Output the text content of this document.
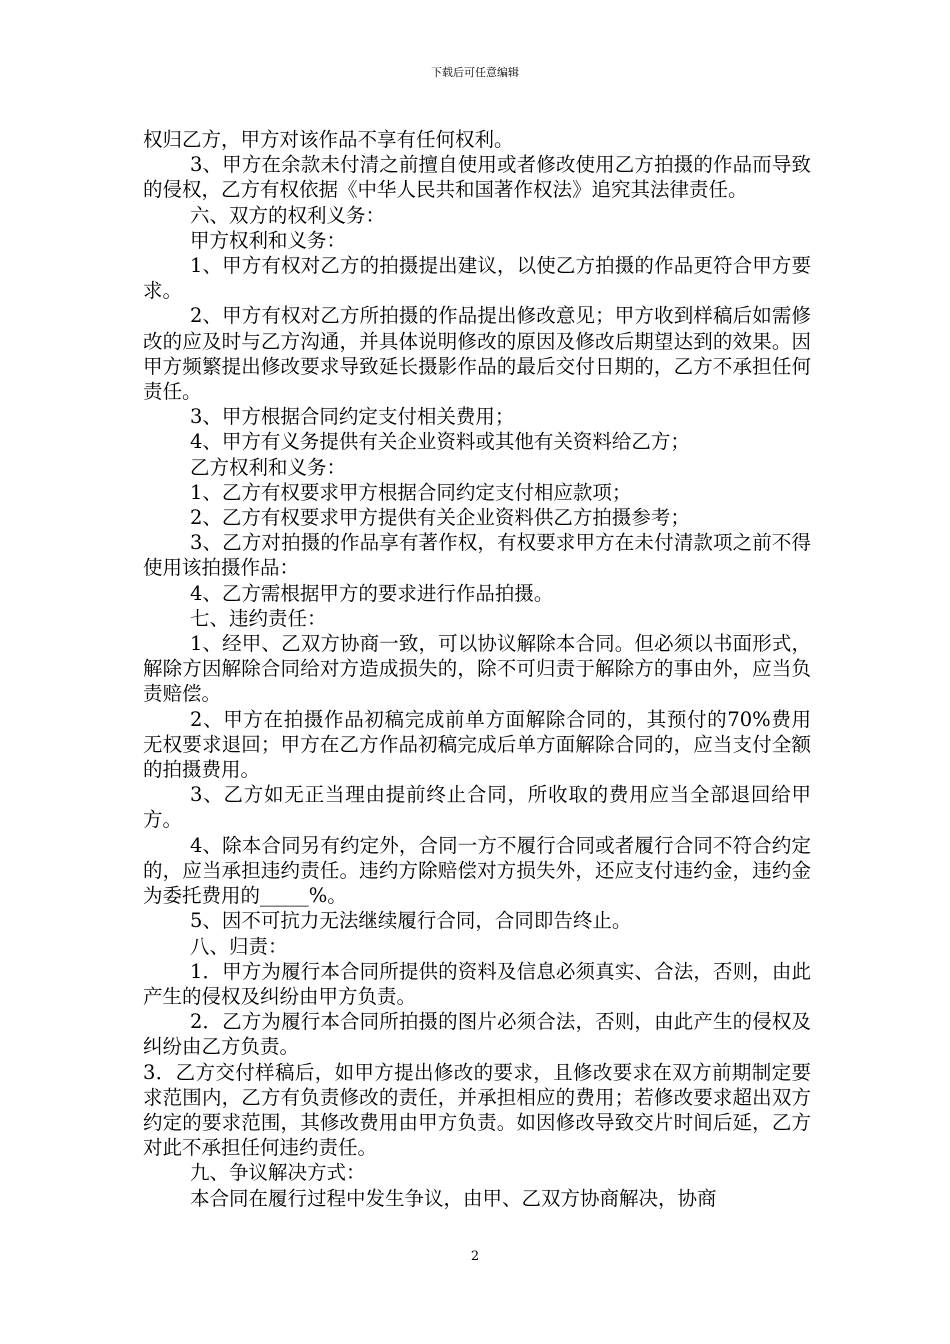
下载后可任意编辑

权归乙方，甲方对该作品不享有任何权利。

3、甲方在余款未付清之前擅自使用或者修改使用乙方拍摄的作品而导致的侵权，乙方有权依据《中华人民共和国著作权法》追究其法律责任。

六、双方的权利义务：

甲方权利和义务：

1、甲方有权对乙方的拍摄提出建议，以使乙方拍摄的作品更符合甲方要求。

2、甲方有权对乙方所拍摄的作品提出修改意见；甲方收到样稿后如需修改的应及时与乙方沟通，并具体说明修改的原因及修改后期望达到的效果。因甲方频繁提出修改要求导致延长摄影作品的最后交付日期的，乙方不承担任何责任。

3、甲方根据合同约定支付相关费用；

4、甲方有义务提供有关企业资料或其他有关资料给乙方；

乙方权利和义务：

1、乙方有权要求甲方根据合同约定支付相应款项；

2、乙方有权要求甲方提供有关企业资料供乙方拍摄参考；

3、乙方对拍摄的作品享有著作权，有权要求甲方在未付清款项之前不得使用该拍摄作品：

4、乙方需根据甲方的要求进行作品拍摄。

七、违约责任：

1、经甲、乙双方协商一致，可以协议解除本合同。但必须以书面形式，解除方因解除合同给对方造成损失的，除不可归责于解除方的事由外，应当负责赔偿。

2、甲方在拍摄作品初稿完成前单方面解除合同的，其预付的70%费用无权要求退回；甲方在乙方作品初稿完成后单方面解除合同的，应当支付全额的拍摄费用。

3、乙方如无正当理由提前终止合同，所收取的费用应当全部退回给甲方。

4、除本合同另有约定外，合同一方不履行合同或者履行合同不符合约定的，应当承担违约责任。违约方除赔偿对方损失外，还应支付违约金，违约金为委托费用的_____%。

5、因不可抗力无法继续履行合同，合同即告终止。

八、归责：

1．甲方为履行本合同所提供的资料及信息必须真实、合法，否则，由此产生的侵权及纠纷由甲方负责。

2．乙方为履行本合同所拍摄的图片必须合法，否则，由此产生的侵权及纠纷由乙方负责。

3．乙方交付样稿后，如甲方提出修改的要求，且修改要求在双方前期制定要求范围内，乙方有负责修改的责任，并承担相应的费用；若修改要求超出双方约定的要求范围，其修改费用由甲方负责。如因修改导致交片时间后延，乙方对此不承担任何违约责任。

九、争议解决方式：

本合同在履行过程中发生争议，由甲、乙双方协商解决，协商

2
